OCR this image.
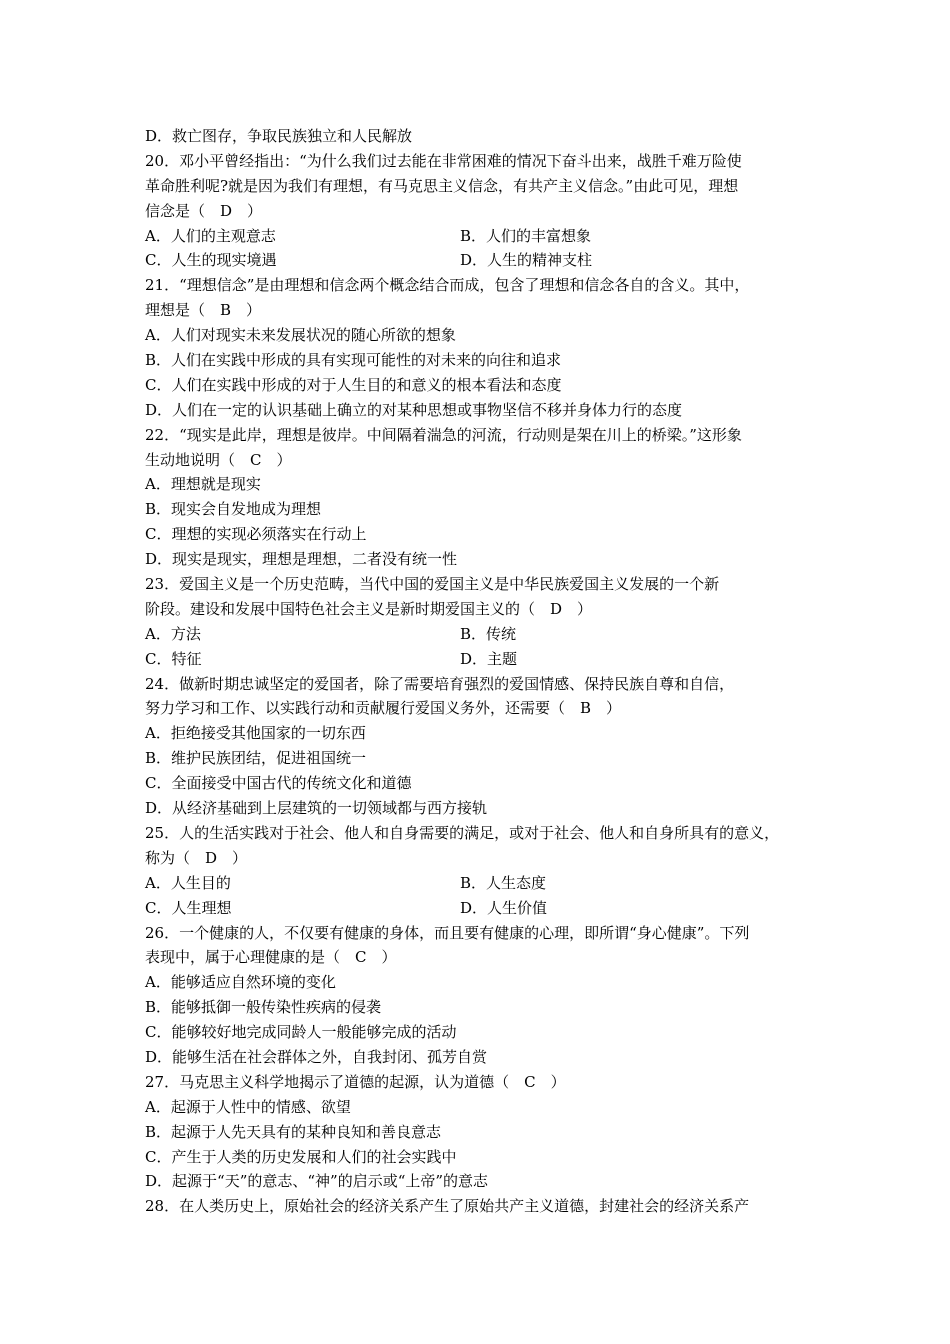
D．救亡图存，争取民族独立和人民解放
20．邓小平曾经指出：“为什么我们过去能在非常困难的情况下奋斗出来，战胜千难万险使
革命胜利呢?就是因为我们有理想，有马克思主义信念，有共产主义信念。”由此可见，理想
信念是（　D　）
A．人们的主观意志	B．人们的丰富想象
C．人生的现实境遇	D．人生的精神支柱
21．“理想信念”是由理想和信念两个概念结合而成，包含了理想和信念各自的含义。其中，
理想是（　B　）
A．人们对现实未来发展状况的随心所欲的想象
B．人们在实践中形成的具有实现可能性的对未来的向往和追求
C．人们在实践中形成的对于人生目的和意义的根本看法和态度
D．人们在一定的认识基础上确立的对某种思想或事物坚信不移并身体力行的态度
22．“现实是此岸，理想是彼岸。中间隔着湍急的河流，行动则是架在川上的桥梁。”这形象
生动地说明（　C　）
A．理想就是现实
B．现实会自发地成为理想
C．理想的实现必须落实在行动上
D．现实是现实，理想是理想，二者没有统一性
23．爱国主义是一个历史范畴，当代中国的爱国主义是中华民族爱国主义发展的一个新
阶段。建设和发展中国特色社会主义是新时期爱国主义的（　D　）
A．方法	B．传统
C．特征	D．主题
24．做新时期忠诚坚定的爱国者，除了需要培育强烈的爱国情感、保持民族自尊和自信，
努力学习和工作、以实践行动和贡献履行爱国义务外，还需要（　B　）
A．拒绝接受其他国家的一切东西
B．维护民族团结，促进祖国统一
C．全面接受中国古代的传统文化和道德
D．从经济基础到上层建筑的一切领域都与西方接轨
25．人的生活实践对于社会、他人和自身需要的满足，或对于社会、他人和自身所具有的意义，
称为（　D　）
A．人生目的	B．人生态度
C．人生理想	D．人生价值
26．一个健康的人，不仅要有健康的身体，而且要有健康的心理，即所谓“身心健康”。下列
表现中，属于心理健康的是（　C　）
A．能够适应自然环境的变化
B．能够抵御一般传染性疾病的侵袭
C．能够较好地完成同龄人一般能够完成的活动
D．能够生活在社会群体之外，自我封闭、孤芳自赏
27．马克思主义科学地揭示了道德的起源，认为道德（　C　）
A．起源于人性中的情感、欲望
B．起源于人先天具有的某种良知和善良意志
C．产生于人类的历史发展和人们的社会实践中
D．起源于“天”的意志、“神”的启示或“上帝”的意志
28．在人类历史上，原始社会的经济关系产生了原始共产主义道德，封建社会的经济关系产
